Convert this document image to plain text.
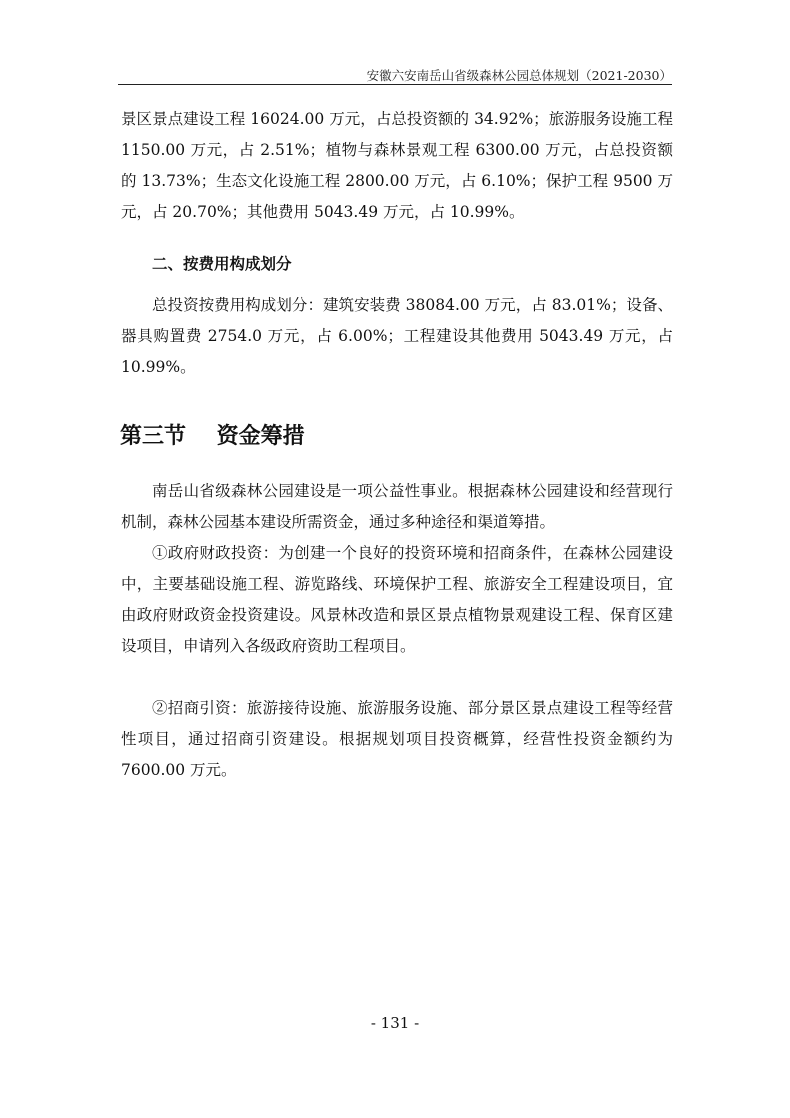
安徽六安南岳山省级森林公园总体规划（2021-2030）

景区景点建设工程 16024.00 万元，占总投资额的 34.92%；旅游服务设施工程 1150.00 万元，占 2.51%；植物与森林景观工程 6300.00 万元，占总投资额的 13.73%；生态文化设施工程 2800.00 万元，占 6.10%；保护工程 9500 万元，占 20.70%；其他费用 5043.49 万元，占 10.99%。

二、按费用构成划分

总投资按费用构成划分：建筑安装费 38084.00 万元，占 83.01%；设备、器具购置费 2754.0 万元，占 6.00%；工程建设其他费用 5043.49 万元，占 10.99%。

第三节    资金筹措

南岳山省级森林公园建设是一项公益性事业。根据森林公园建设和经营现行机制，森林公园基本建设所需资金，通过多种途径和渠道筹措。

①政府财政投资：为创建一个良好的投资环境和招商条件，在森林公园建设中，主要基础设施工程、游览路线、环境保护工程、旅游安全工程建设项目，宜由政府财政资金投资建设。风景林改造和景区景点植物景观建设工程、保育区建设项目，申请列入各级政府资助工程项目。

②招商引资：旅游接待设施、旅游服务设施、部分景区景点建设工程等经营性项目，通过招商引资建设。根据规划项目投资概算，经营性投资金额约为 7600.00 万元。

- 131 -
